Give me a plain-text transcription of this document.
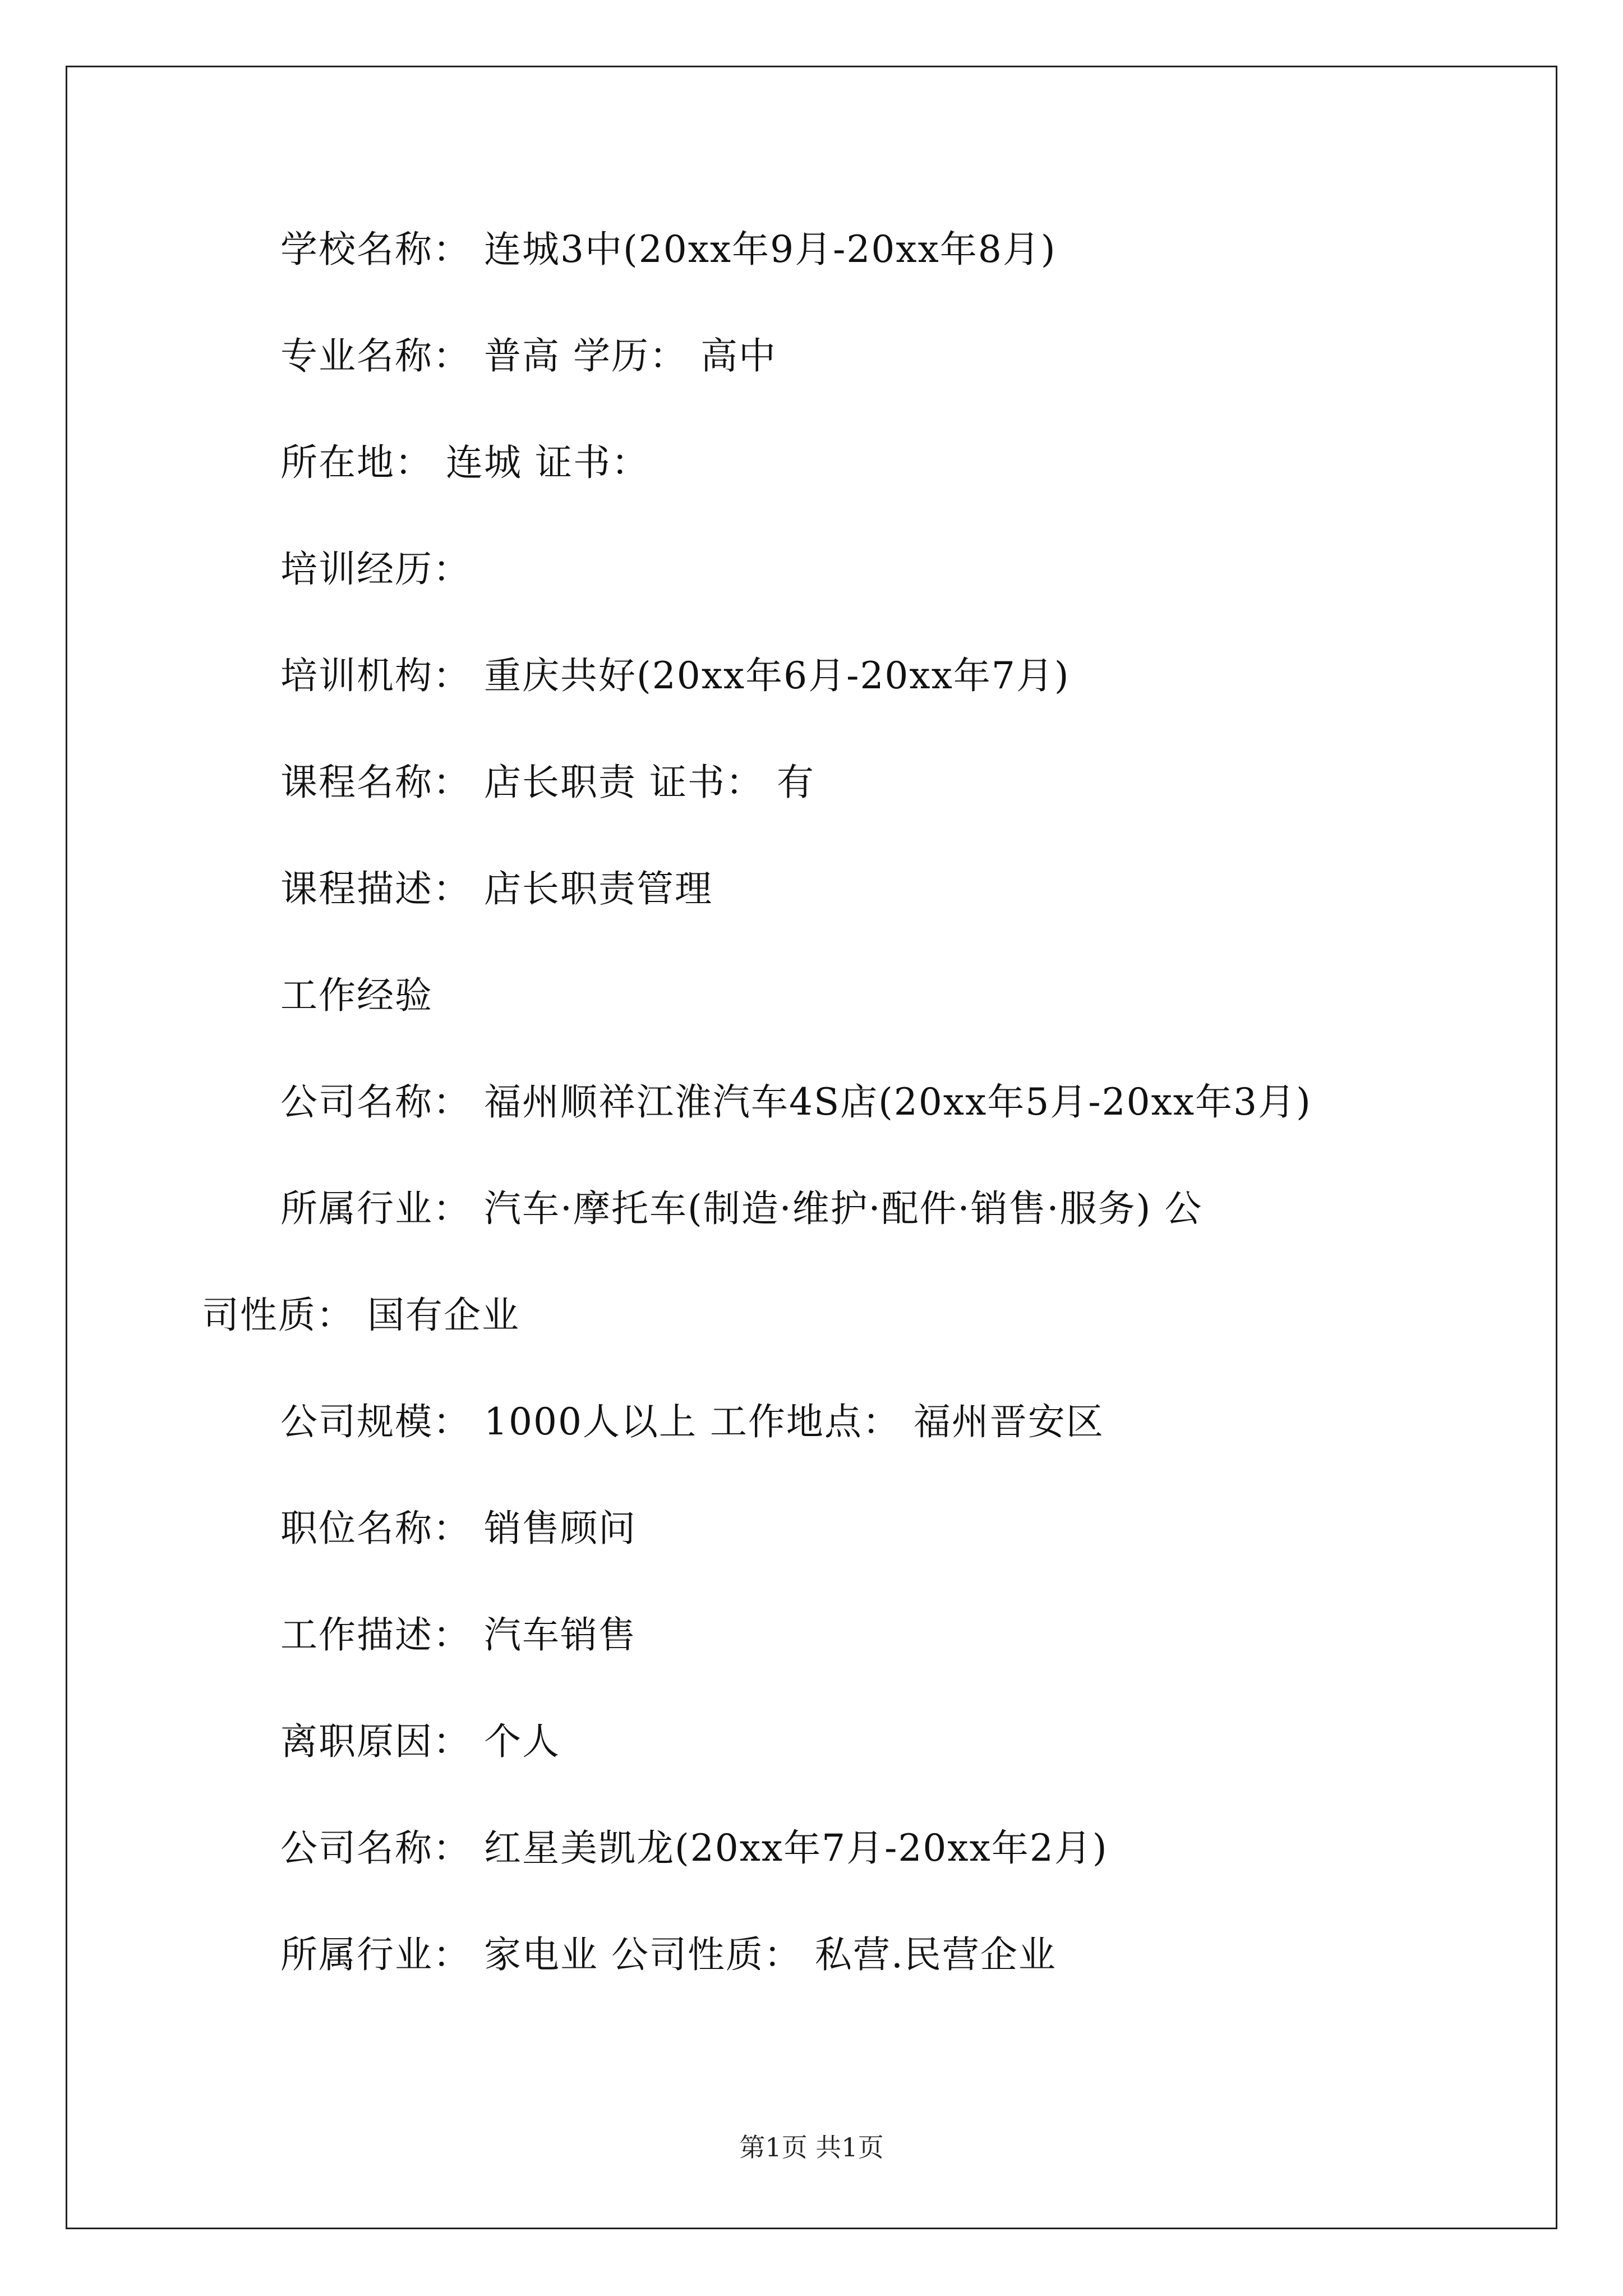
学校名称： 连城3中(20xx年9月-20xx年8月)
专业名称： 普高 学历： 高中
所在地： 连城 证书：
培训经历：
培训机构： 重庆共好(20xx年6月-20xx年7月)
课程名称： 店长职责 证书： 有
课程描述： 店长职责管理
工作经验
公司名称： 福州顺祥江淮汽车4S店(20xx年5月-20xx年3月)
所属行业： 汽车·摩托车(制造·维护·配件·销售·服务) 公
司性质： 国有企业
公司规模： 1000人以上 工作地点： 福州晋安区
职位名称： 销售顾问
工作描述： 汽车销售
离职原因： 个人
公司名称： 红星美凯龙(20xx年7月-20xx年2月)
所属行业： 家电业 公司性质： 私营.民营企业
第1页 共1页
